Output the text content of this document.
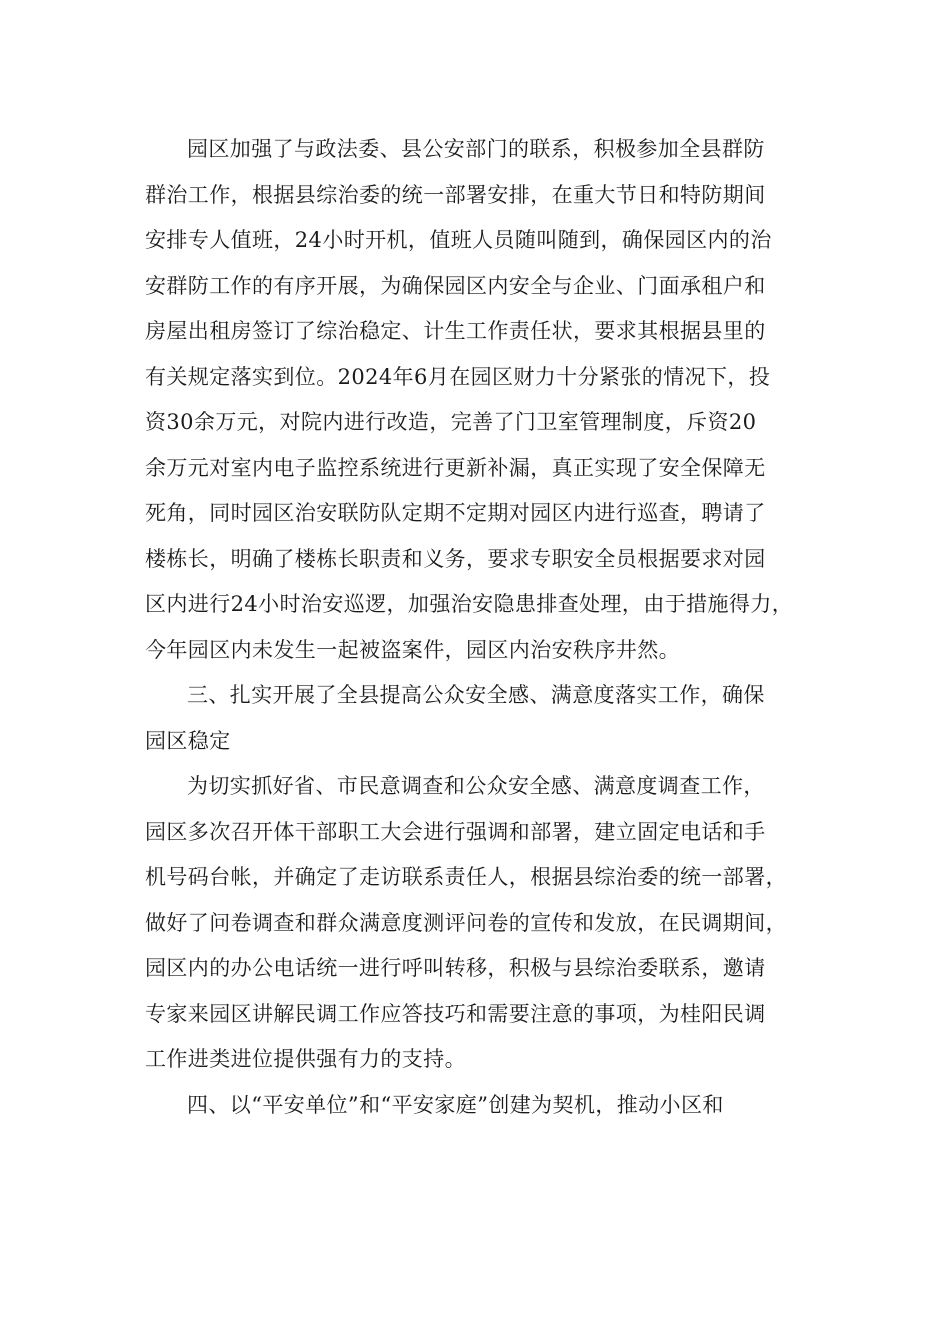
园区加强了与政法委、县公安部门的联系，积极参加全县群防
群治工作，根据县综治委的统一部署安排，在重大节日和特防期间
安排专人值班，24小时开机，值班人员随叫随到，确保园区内的治
安群防工作的有序开展，为确保园区内安全与企业、门面承租户和
房屋出租房签订了综治稳定、计生工作责任状，要求其根据县里的
有关规定落实到位。2024年6月在园区财力十分紧张的情况下，投
资30余万元，对院内进行改造，完善了门卫室管理制度，斥资20
余万元对室内电子监控系统进行更新补漏，真正实现了安全保障无
死角，同时园区治安联防队定期不定期对园区内进行巡查，聘请了
楼栋长，明确了楼栋长职责和义务，要求专职安全员根据要求对园
区内进行24小时治安巡逻，加强治安隐患排查处理，由于措施得力，
今年园区内未发生一起被盗案件，园区内治安秩序井然。

三、扎实开展了全县提高公众安全感、满意度落实工作，确保
园区稳定

为切实抓好省、市民意调查和公众安全感、满意度调查工作，
园区多次召开体干部职工大会进行强调和部署，建立固定电话和手
机号码台帐，并确定了走访联系责任人，根据县综治委的统一部署，
做好了问卷调查和群众满意度测评问卷的宣传和发放，在民调期间，
园区内的办公电话统一进行呼叫转移，积极与县综治委联系，邀请
专家来园区讲解民调工作应答技巧和需要注意的事项，为桂阳民调
工作进类进位提供强有力的支持。

四、以“平安单位”和“平安家庭”创建为契机，推动小区和
